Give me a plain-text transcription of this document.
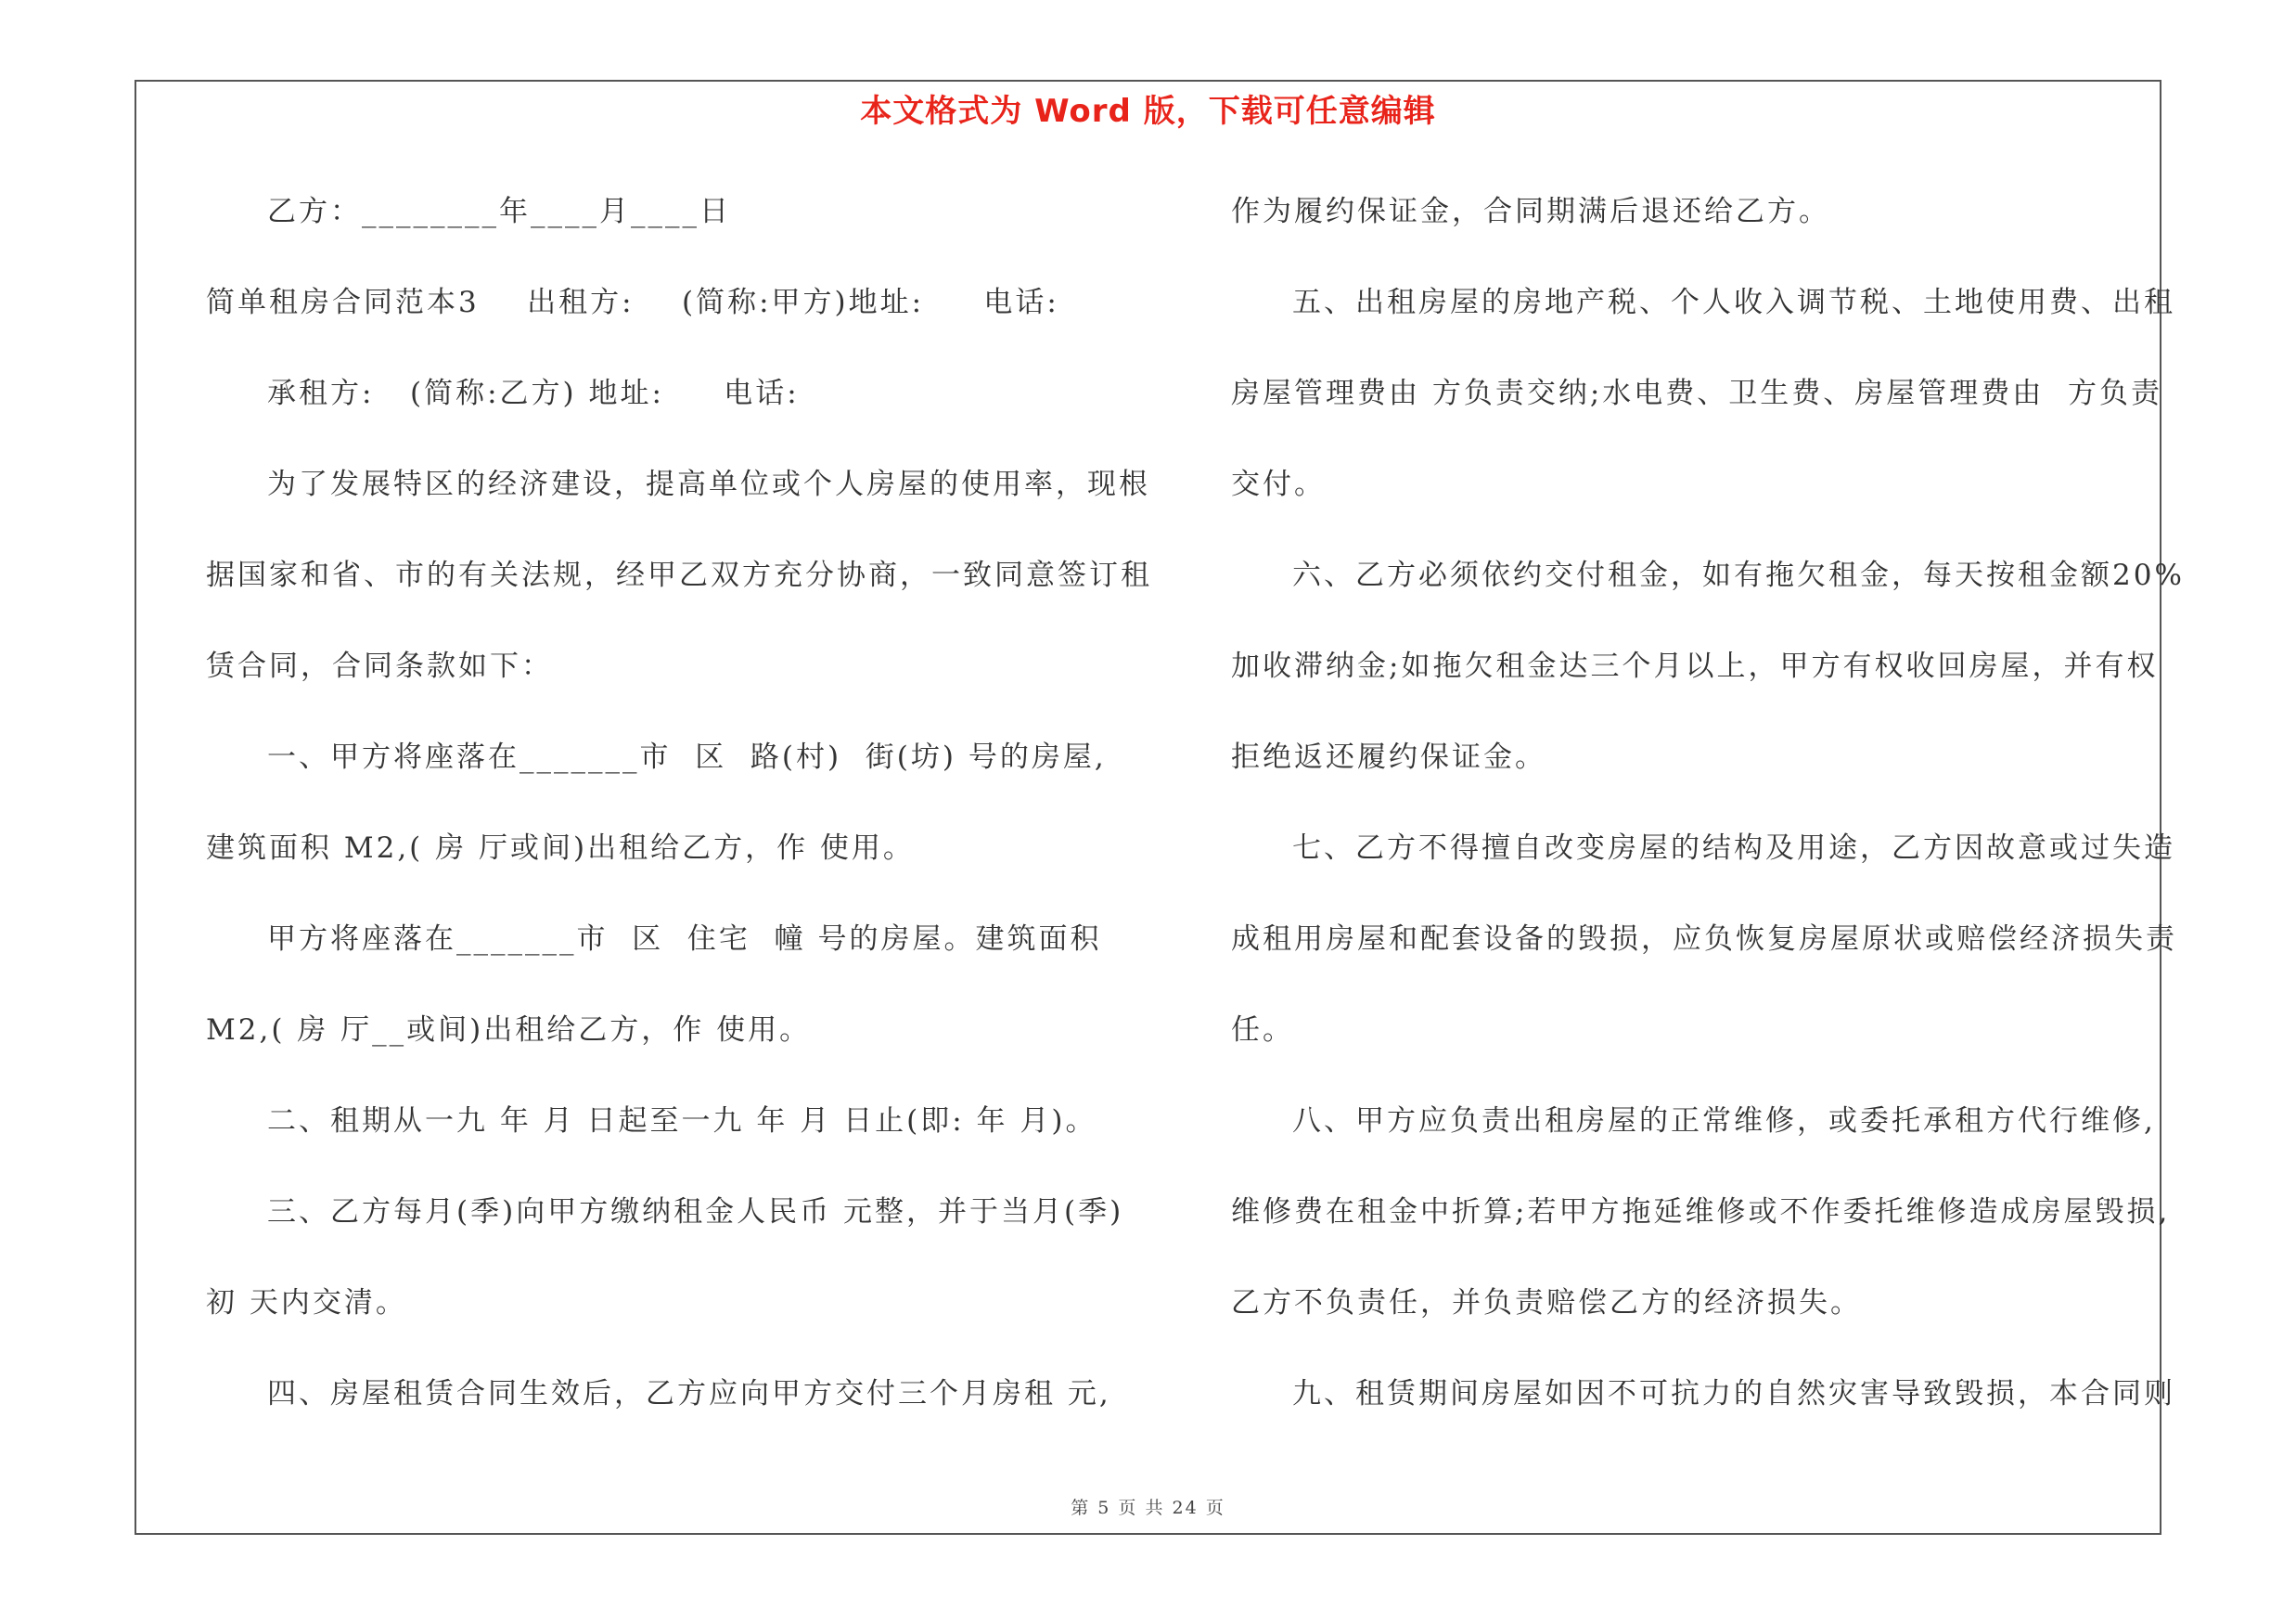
本文格式为 Word 版，下载可任意编辑
乙方：________年____月____日
简单租房合同范本3    出租方:    (简称:甲方)地址:     电话:
承租方:   (简称:乙方) 地址:     电话:
为了发展特区的经济建设，提高单位或个人房屋的使用率，现根
据国家和省、市的有关法规，经甲乙双方充分协商，一致同意签订租
赁合同，合同条款如下：
一、甲方将座落在_______市  区  路(村)  街(坊) 号的房屋,
建筑面积 M2,( 房 厅或间)出租给乙方，作 使用。
甲方将座落在_______市  区  住宅  幢 号的房屋。建筑面积
M2,( 房 厅__或间)出租给乙方，作 使用。
二、租期从一九 年 月 日起至一九 年 月 日止(即: 年 月)。
三、乙方每月(季)向甲方缴纳租金人民币 元整，并于当月(季)
初 天内交清。
四、房屋租赁合同生效后，乙方应向甲方交付三个月房租 元,
作为履约保证金，合同期满后退还给乙方。
五、出租房屋的房地产税、个人收入调节税、土地使用费、出租
房屋管理费由 方负责交纳;水电费、卫生费、房屋管理费由  方负责
交付。
六、乙方必须依约交付租金，如有拖欠租金，每天按租金额20%
加收滞纳金;如拖欠租金达三个月以上，甲方有权收回房屋，并有权
拒绝返还履约保证金。
七、乙方不得擅自改变房屋的结构及用途，乙方因故意或过失造
成租用房屋和配套设备的毁损，应负恢复房屋原状或赔偿经济损失责
任。
八、甲方应负责出租房屋的正常维修，或委托承租方代行维修,
维修费在租金中折算;若甲方拖延维修或不作委托维修造成房屋毁损,
乙方不负责任，并负责赔偿乙方的经济损失。
九、租赁期间房屋如因不可抗力的自然灾害导致毁损，本合同则
第 5 页 共 24 页
